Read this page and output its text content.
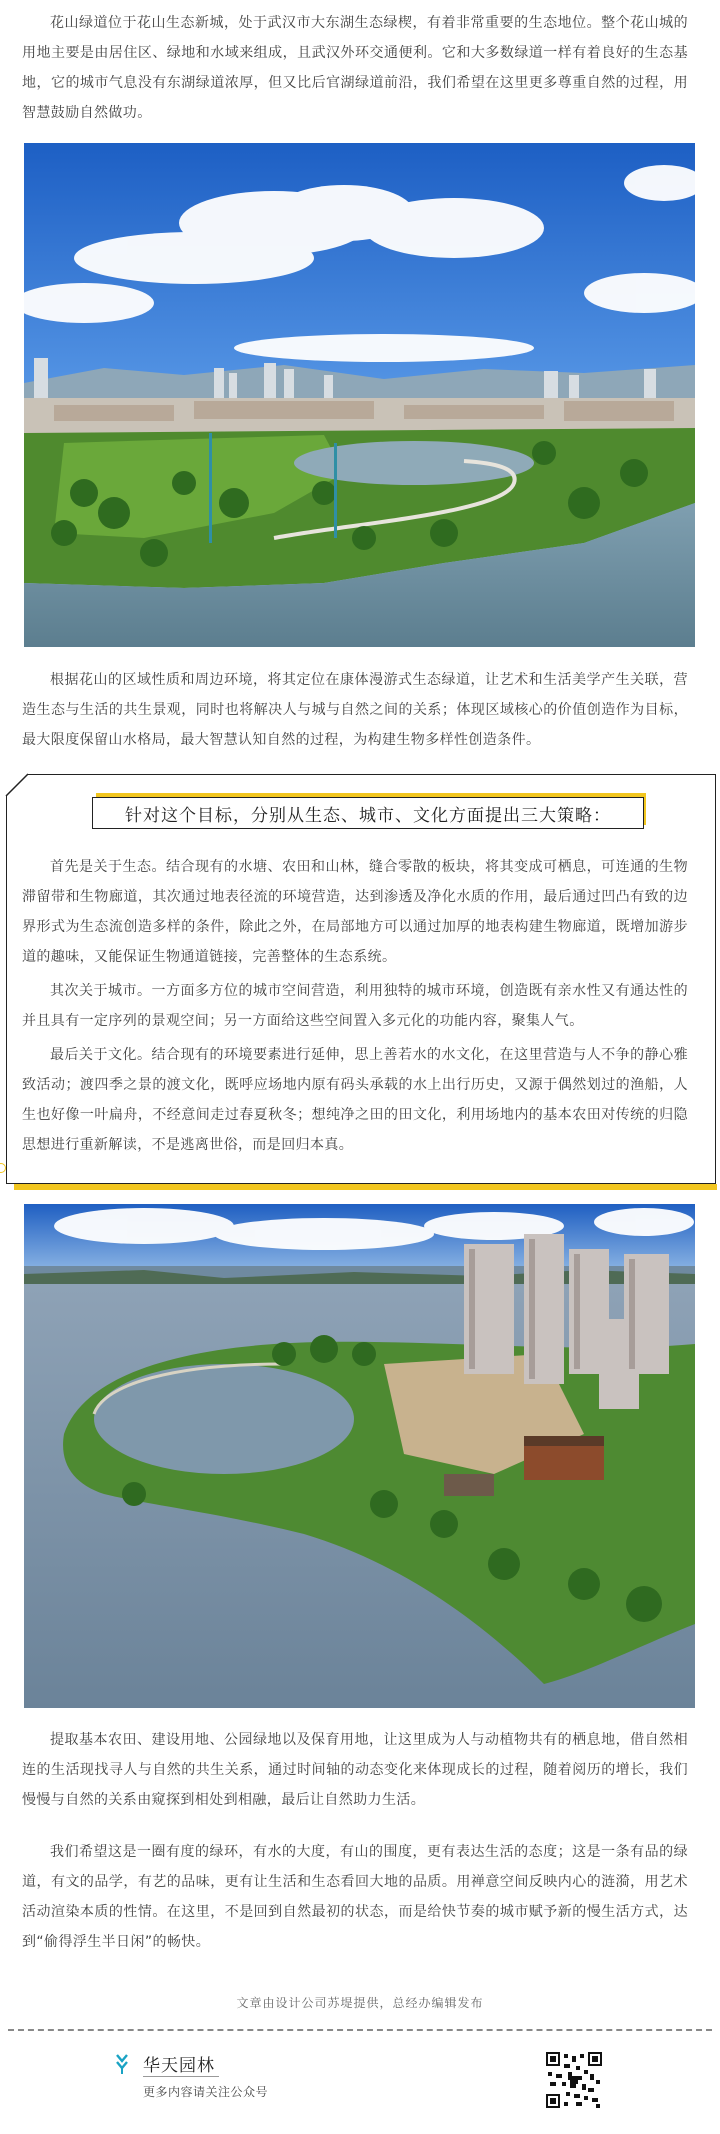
花山绿道位于花山生态新城，处于武汉市大东湖生态绿楔，有着非常重要的生态地位。整个花山城的用地主要是由居住区、绿地和水域来组成，且武汉外环交通便利。它和大多数绿道一样有着良好的生态基地，它的城市气息没有东湖绿道浓厚，但又比后官湖绿道前沿，我们希望在这里更多尊重自然的过程，用智慧鼓励自然做功。

根据花山的区域性质和周边环境，将其定位在康体漫游式生态绿道，让艺术和生活美学产生关联，营造生态与生活的共生景观，同时也将解决人与城与自然之间的关系；体现区域核心的价值创造作为目标，最大限度保留山水格局，最大智慧认知自然的过程，为构建生物多样性创造条件。

针对这个目标，分别从生态、城市、文化方面提出三大策略：

首先是关于生态。结合现有的水塘、农田和山林，缝合零散的板块，将其变成可栖息，可连通的生物滞留带和生物廊道，其次通过地表径流的环境营造，达到渗透及净化水质的作用，最后通过凹凸有致的边界形式为生态流创造多样的条件，除此之外，在局部地方可以通过加厚的地表构建生物廊道，既增加游步道的趣味，又能保证生物通道链接，完善整体的生态系统。

其次关于城市。一方面多方位的城市空间营造，利用独特的城市环境，创造既有亲水性又有通达性的并且具有一定序列的景观空间；另一方面给这些空间置入多元化的功能内容，聚集人气。

最后关于文化。结合现有的环境要素进行延伸，思上善若水的水文化，在这里营造与人不争的静心雅致活动；渡四季之景的渡文化，既呼应场地内原有码头承载的水上出行历史，又源于偶然划过的渔船，人生也好像一叶扁舟，不经意间走过春夏秋冬；想纯净之田的田文化，利用场地内的基本农田对传统的归隐思想进行重新解读，不是逃离世俗，而是回归本真。

提取基本农田、建设用地、公园绿地以及保育用地，让这里成为人与动植物共有的栖息地，借自然相连的生活现找寻人与自然的共生关系，通过时间轴的动态变化来体现成长的过程，随着阅历的增长，我们慢慢与自然的关系由窥探到相处到相融，最后让自然助力生活。

我们希望这是一圈有度的绿环，有水的大度，有山的围度，更有表达生活的态度；这是一条有品的绿道，有文的品学，有艺的品味，更有让生活和生态看回大地的品质。用禅意空间反映内心的涟漪，用艺术活动渲染本质的性情。在这里，不是回到自然最初的状态，而是给快节奏的城市赋予新的慢生活方式，达到“偷得浮生半日闲”的畅快。

文章由设计公司苏堤提供，总经办编辑发布
华天园林
更多内容请关注公众号
